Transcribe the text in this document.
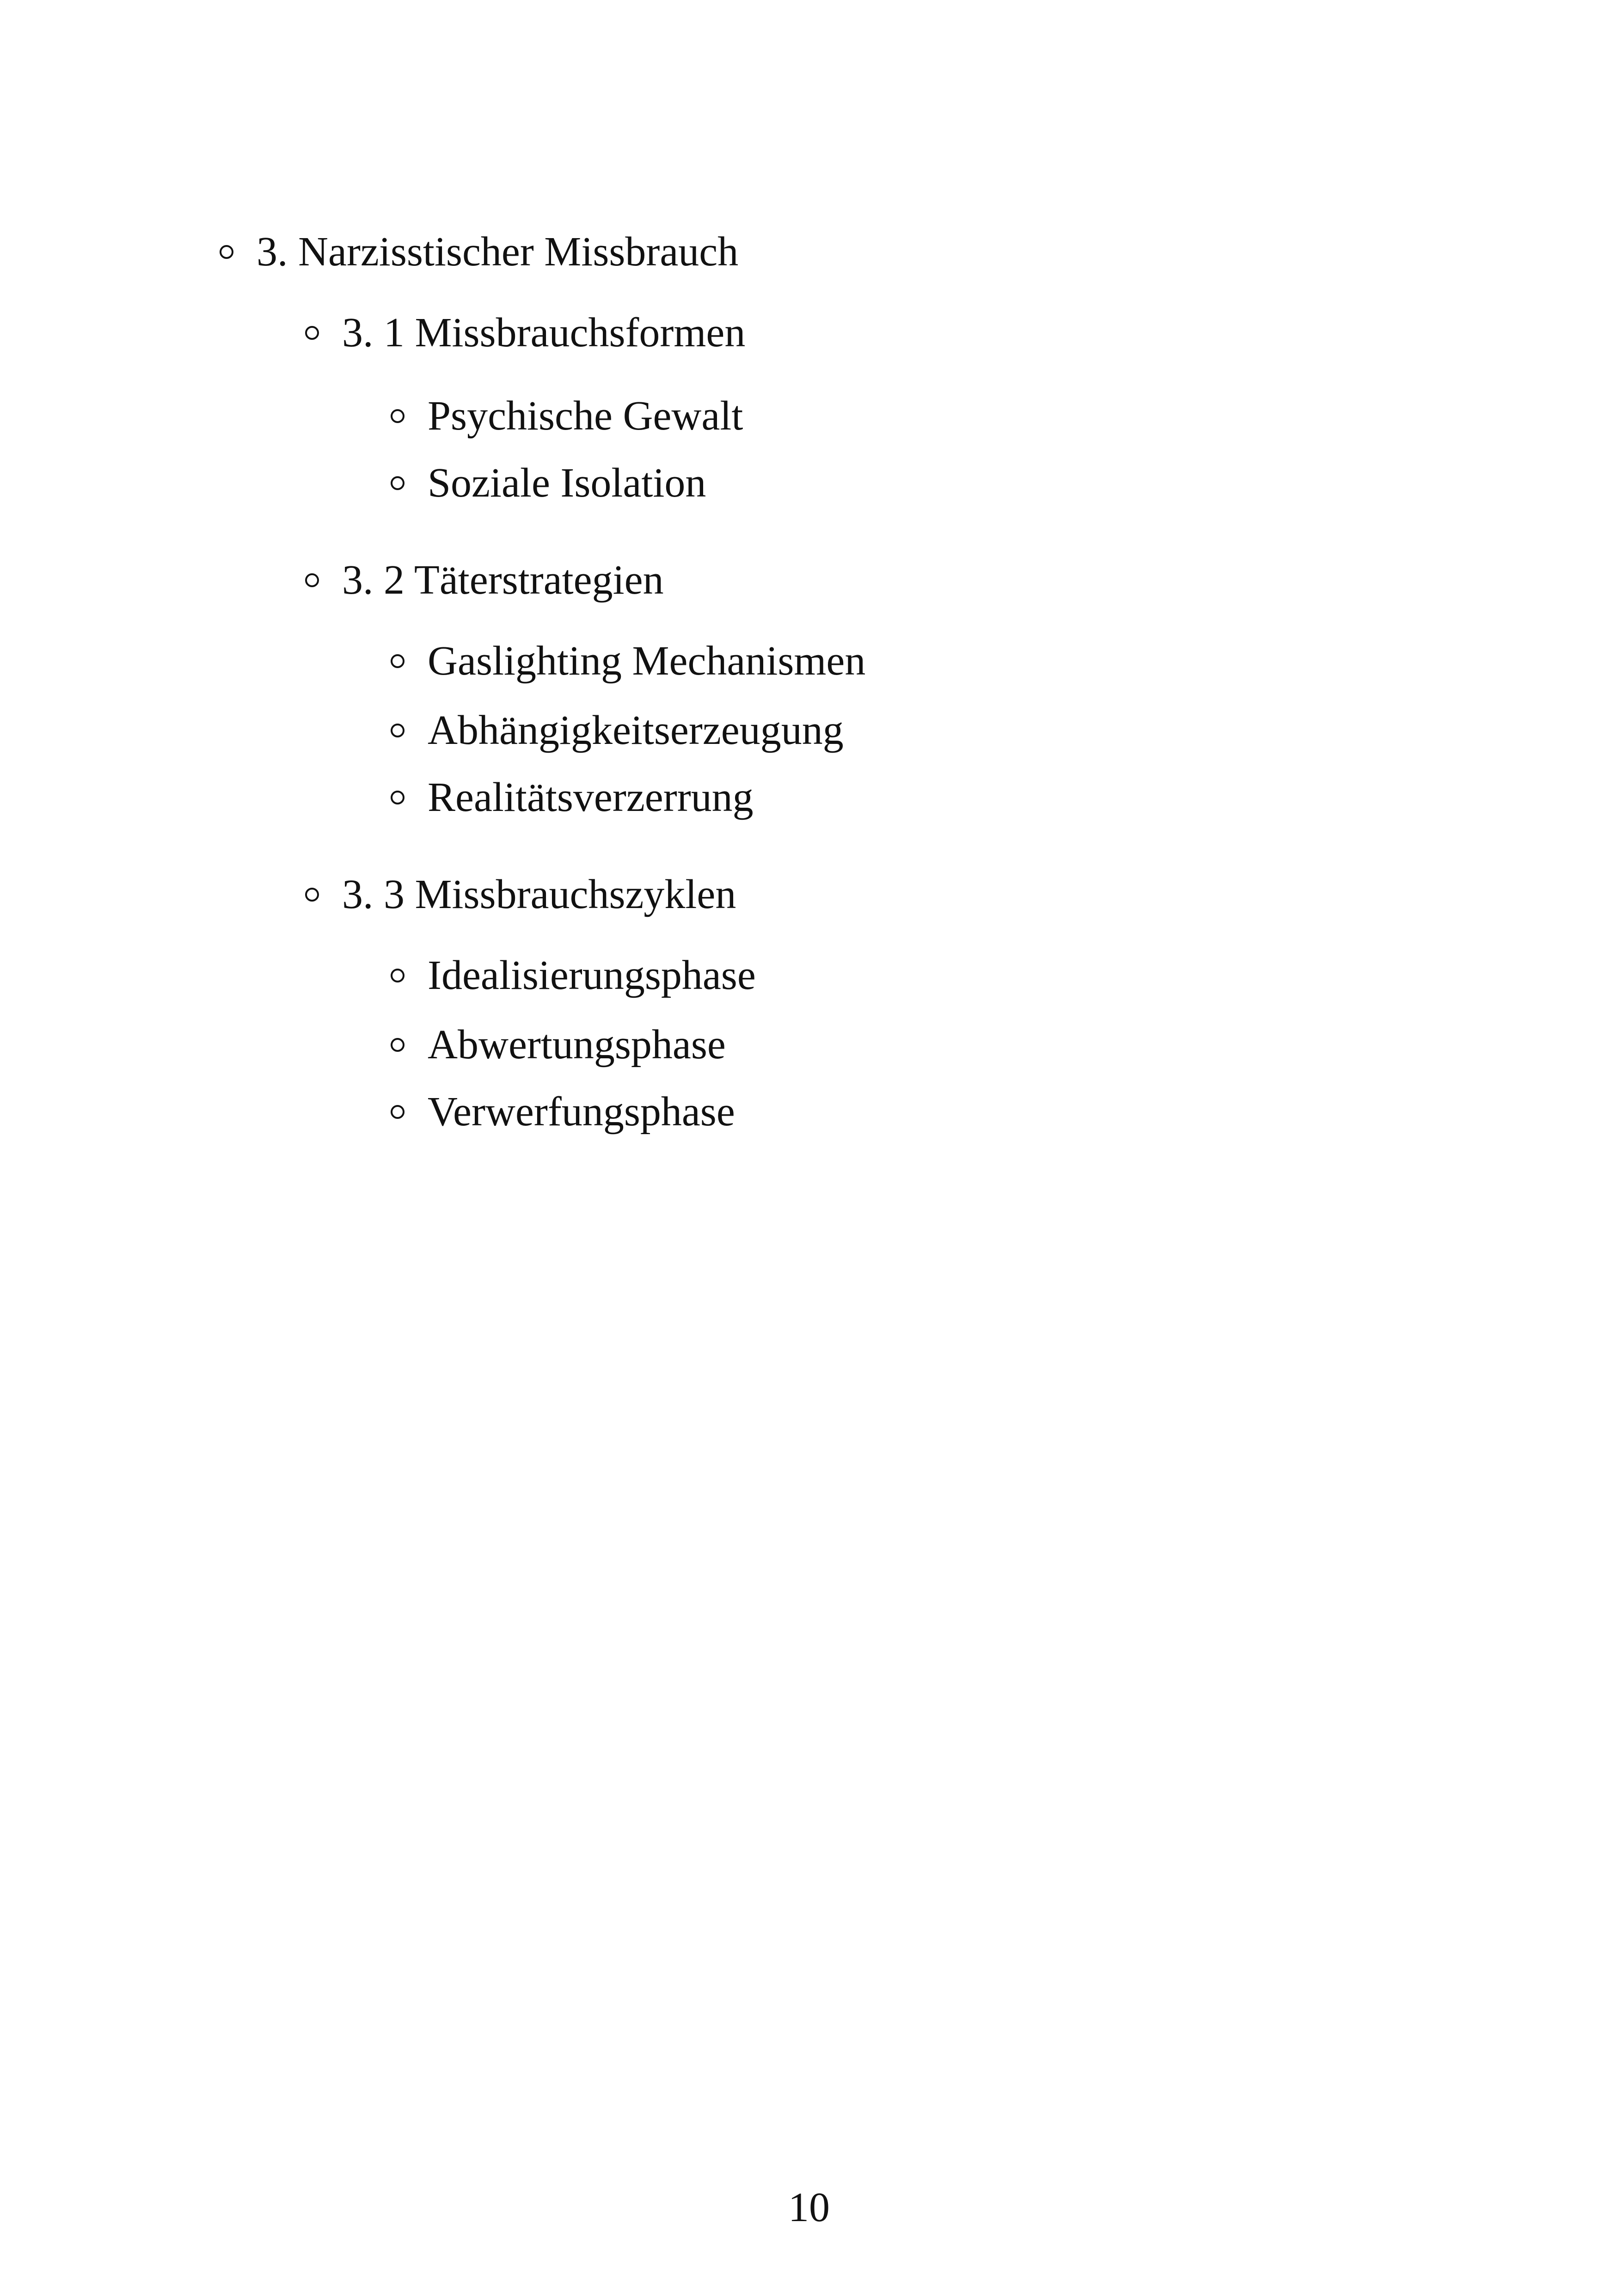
3. Narzisstischer Missbrauch
3. 1 Missbrauchsformen
Psychische Gewalt
Soziale Isolation
3. 2 Täterstrategien
Gaslighting Mechanismen
Abhängigkeitserzeugung
Realitätsverzerrung
3. 3 Missbrauchszyklen
Idealisierungsphase
Abwertungsphase
Verwerfungsphase
10
